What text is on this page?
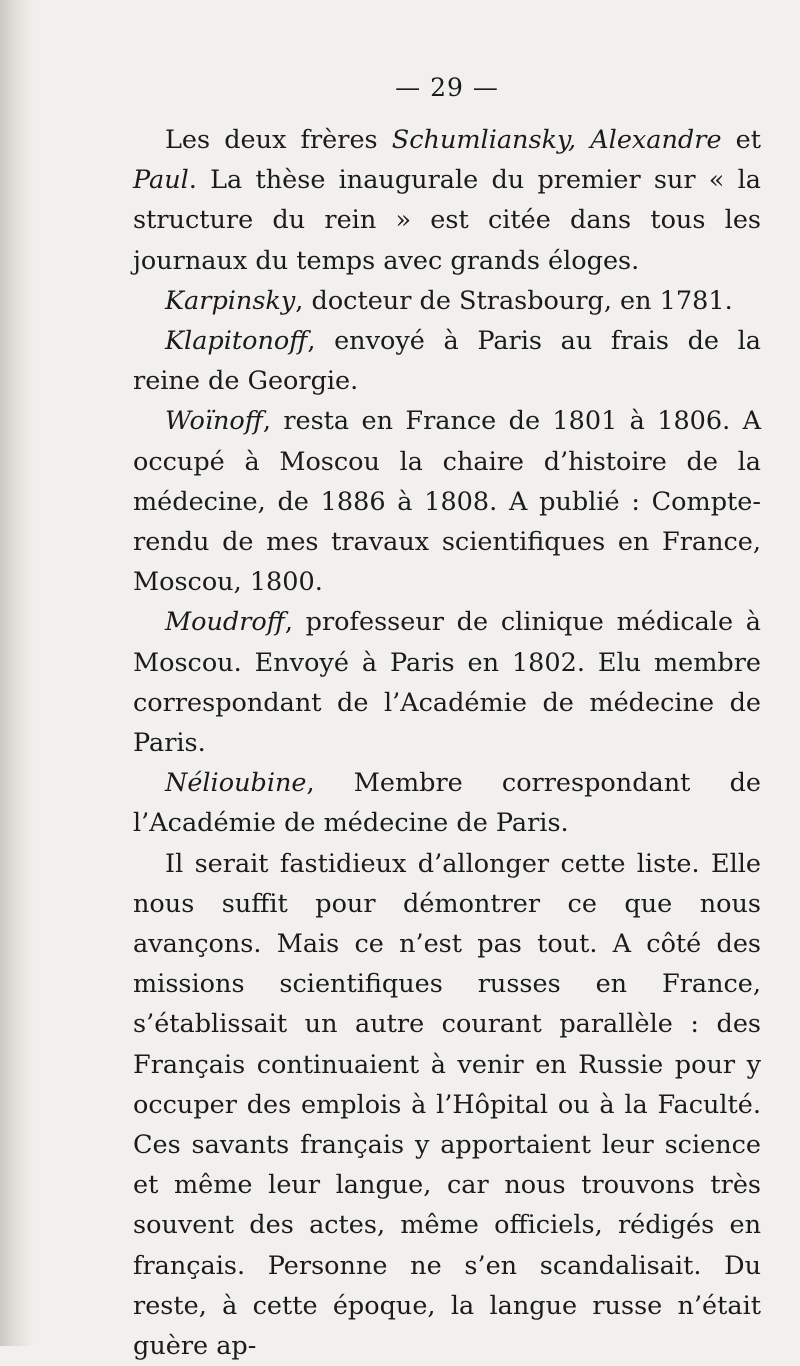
— 29 —

Les deux frères Schumliansky, Alexandre et Paul. La thèse inaugurale du premier sur « la structure du rein » est citée dans tous les journaux du temps avec grands éloges.

Karpinsky, docteur de Strasbourg, en 1781.

Klapitonoff, envoyé à Paris au frais de la reine de Georgie.

Woïnoff, resta en France de 1801 à 1806. A occupé à Moscou la chaire d’histoire de la médecine, de 1886 à 1808. A publié : Compte-rendu de mes travaux scientifiques en France, Moscou, 1800.

Moudroff, professeur de clinique médicale à Moscou. Envoyé à Paris en 1802. Elu membre correspondant de l’Académie de médecine de Paris.

Nélioubine, Membre correspondant de l’Académie de médecine de Paris.

Il serait fastidieux d’allonger cette liste. Elle nous suffit pour démontrer ce que nous avançons. Mais ce n’est pas tout. A côté des missions scientifiques russes en France, s’établissait un autre courant parallèle : des Français continuaient à venir en Russie pour y occuper des emplois à l’Hôpital ou à la Faculté. Ces savants français y apportaient leur science et même leur langue, car nous trouvons très souvent des actes, même officiels, rédigés en français. Personne ne s’en scandalisait. Du reste, à cette époque, la langue russe n’était guère ap-
